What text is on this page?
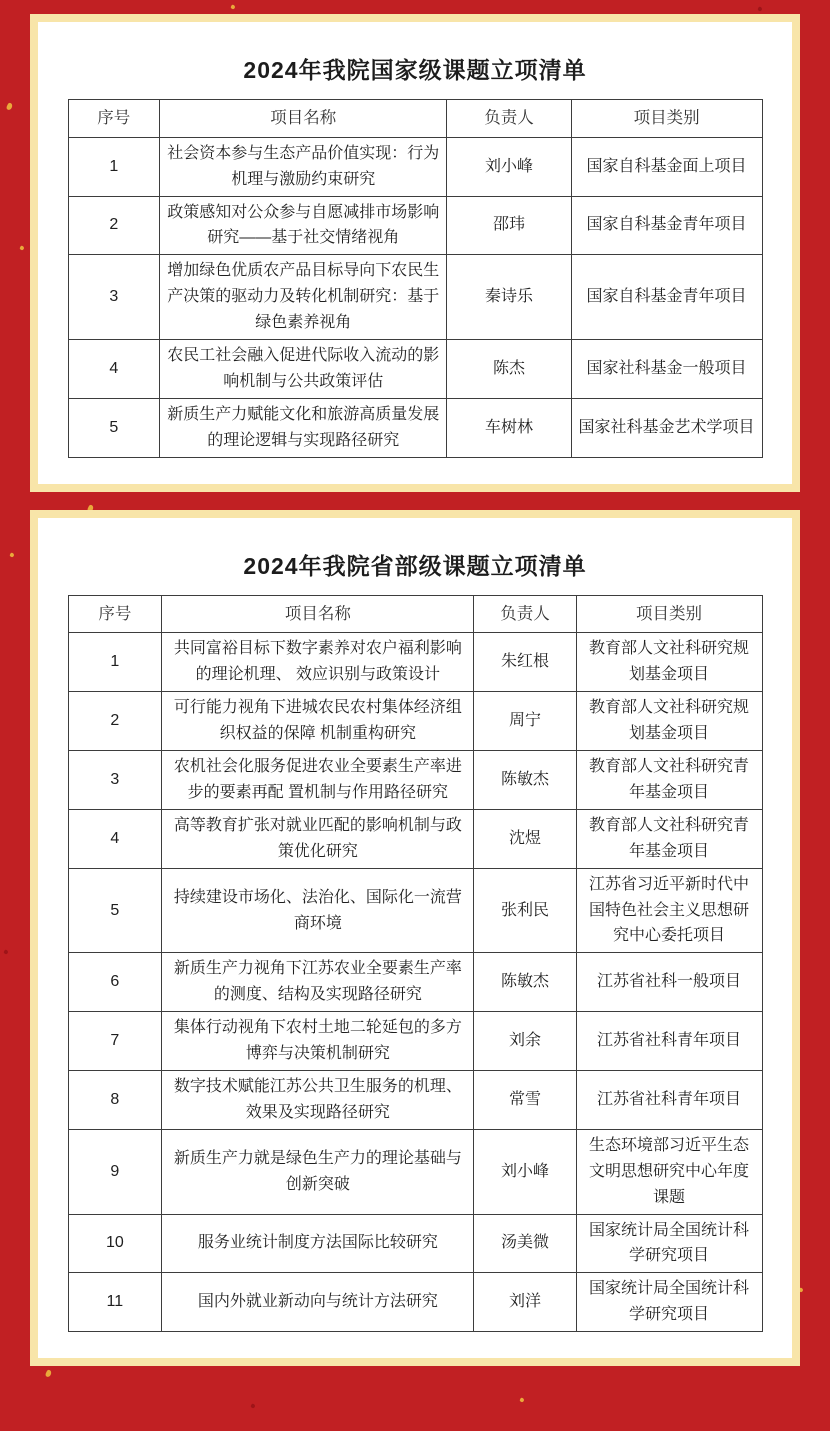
2024年我院国家级课题立项清单
序号	项目名称	负责人	项目类别
1	社会资本参与生态产品价值实现：行为机理与激励约束研究	刘小峰	国家自科基金面上项目
2	政策感知对公众参与自愿减排市场影响研究——基于社交情绪视角	邵玮	国家自科基金青年项目
3	增加绿色优质农产品目标导向下农民生产决策的驱动力及转化机制研究：基于绿色素养视角	秦诗乐	国家自科基金青年项目
4	农民工社会融入促进代际收入流动的影响机制与公共政策评估	陈杰	国家社科基金一般项目
5	新质生产力赋能文化和旅游高质量发展的理论逻辑与实现路径研究	车树林	国家社科基金艺术学项目
2024年我院省部级课题立项清单
序号	项目名称	负责人	项目类别
1	共同富裕目标下数字素养对农户福利影响的理论机理、 效应识别与政策设计	朱红根	教育部人文社科研究规划基金项目
2	可行能力视角下进城农民农村集体经济组织权益的保障 机制重构研究	周宁	教育部人文社科研究规划基金项目
3	农机社会化服务促进农业全要素生产率进步的要素再配 置机制与作用路径研究	陈敏杰	教育部人文社科研究青年基金项目
4	高等教育扩张对就业匹配的影响机制与政策优化研究	沈煜	教育部人文社科研究青年基金项目
5	持续建设市场化、法治化、国际化一流营商环境	张利民	江苏省习近平新时代中国特色社会主义思想研究中心委托项目
6	新质生产力视角下江苏农业全要素生产率的测度、结构及实现路径研究	陈敏杰	江苏省社科一般项目
7	集体行动视角下农村土地二轮延包的多方博弈与决策机制研究	刘余	江苏省社科青年项目
8	数字技术赋能江苏公共卫生服务的机理、效果及实现路径研究	常雪	江苏省社科青年项目
9	新质生产力就是绿色生产力的理论基础与创新突破	刘小峰	生态环境部习近平生态文明思想研究中心年度课题
10	服务业统计制度方法国际比较研究	汤美微	国家统计局全国统计科学研究项目
11	国内外就业新动向与统计方法研究	刘洋	国家统计局全国统计科学研究项目
